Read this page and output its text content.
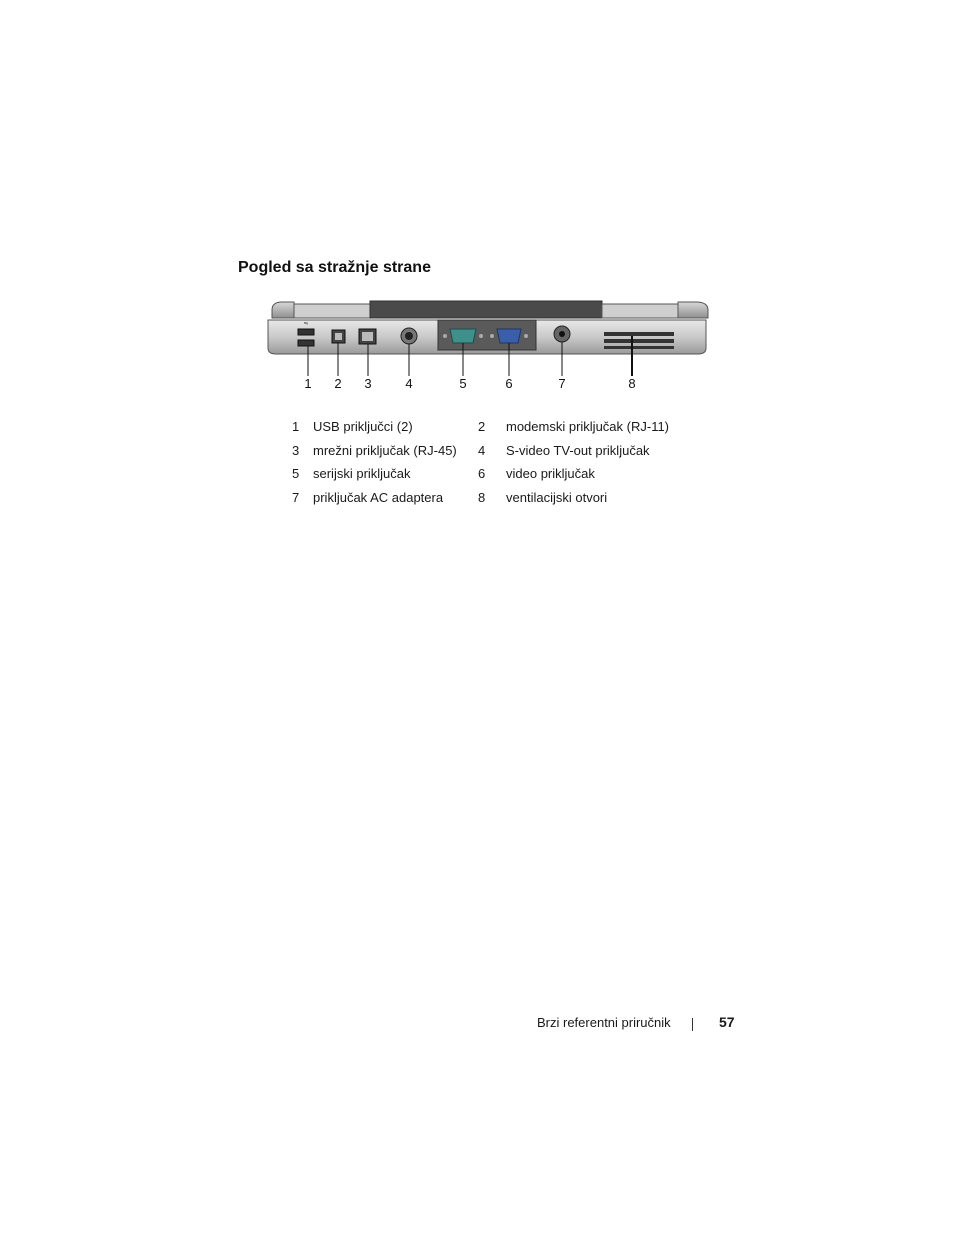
Pogled sa stražnje strane
⇋
1	2	3	4	5	6	7	8
1	USB priključci (2)	2	modemski priključak (RJ-11)
3	mrežni priključak (RJ-45) 4	S-video TV-out priključak
5	serijski priključak	6	video priključak
7	priključak AC adaptera	8	ventilacijski otvori
Brzi referentni priručnik	57
